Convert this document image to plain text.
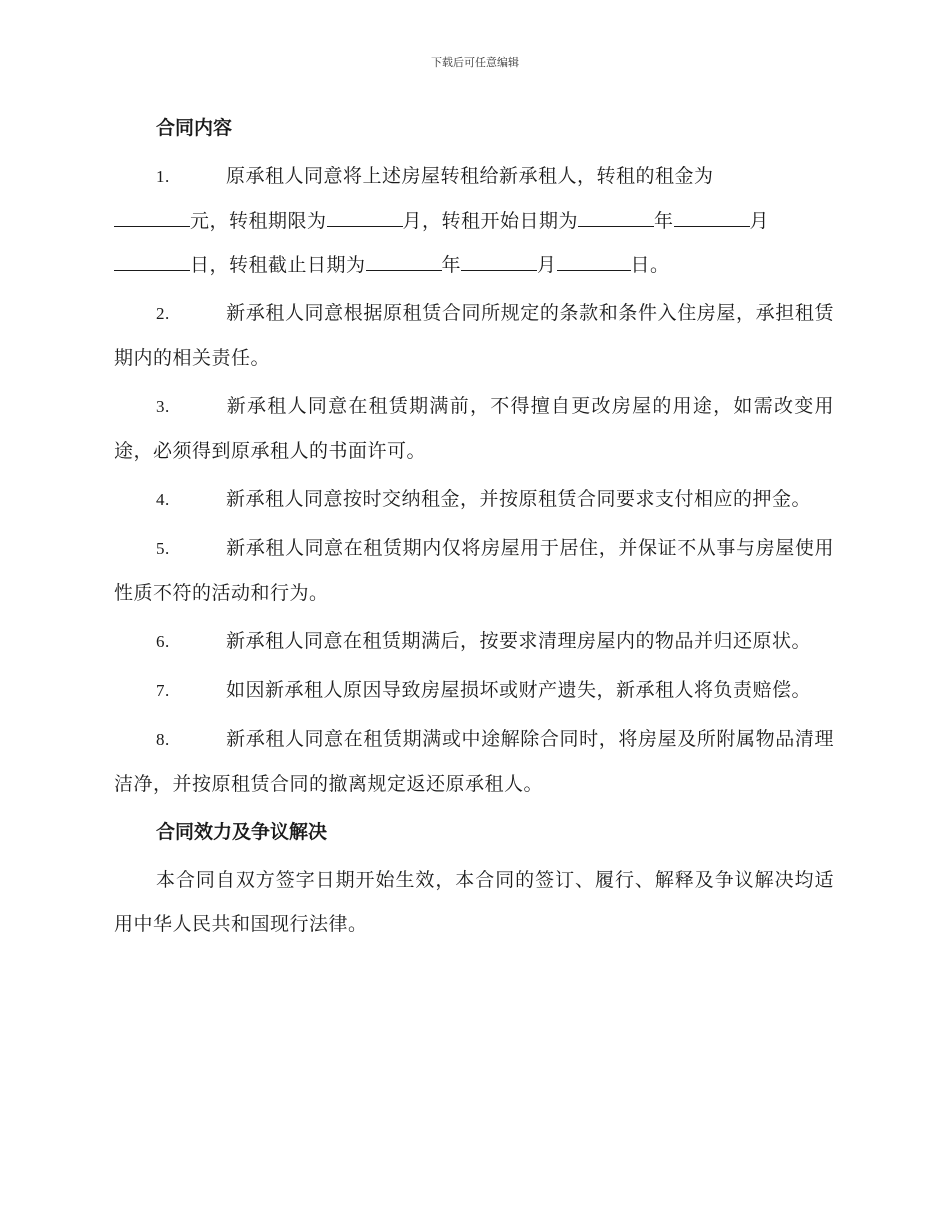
下载后可任意编辑
合同内容
1.	原承租人同意将上述房屋转租给新承租人，转租的租金为
元，转租期限为	月，转租开始日期为	年	月
日，转租截止日期为	年	月	日。
2.	新承租人同意根据原租赁合同所规定的条款和条件入住房屋，承担租赁期内的相关责任。
3.	新承租人同意在租赁期满前，不得擅自更改房屋的用途，如需改变用途，必须得到原承租人的书面许可。
4.	新承租人同意按时交纳租金，并按原租赁合同要求支付相应的押金。
5.	新承租人同意在租赁期内仅将房屋用于居住，并保证不从事与房屋使用性质不符的活动和行为。
6.	新承租人同意在租赁期满后，按要求清理房屋内的物品并归还原状。
7.	如因新承租人原因导致房屋损坏或财产遗失，新承租人将负责赔偿。
8.	新承租人同意在租赁期满或中途解除合同时，将房屋及所附属物品清理洁净，并按原租赁合同的撤离规定返还原承租人。
合同效力及争议解决
本合同自双方签字日期开始生效，本合同的签订、履行、解释及争议解决均适用中华人民共和国现行法律。
